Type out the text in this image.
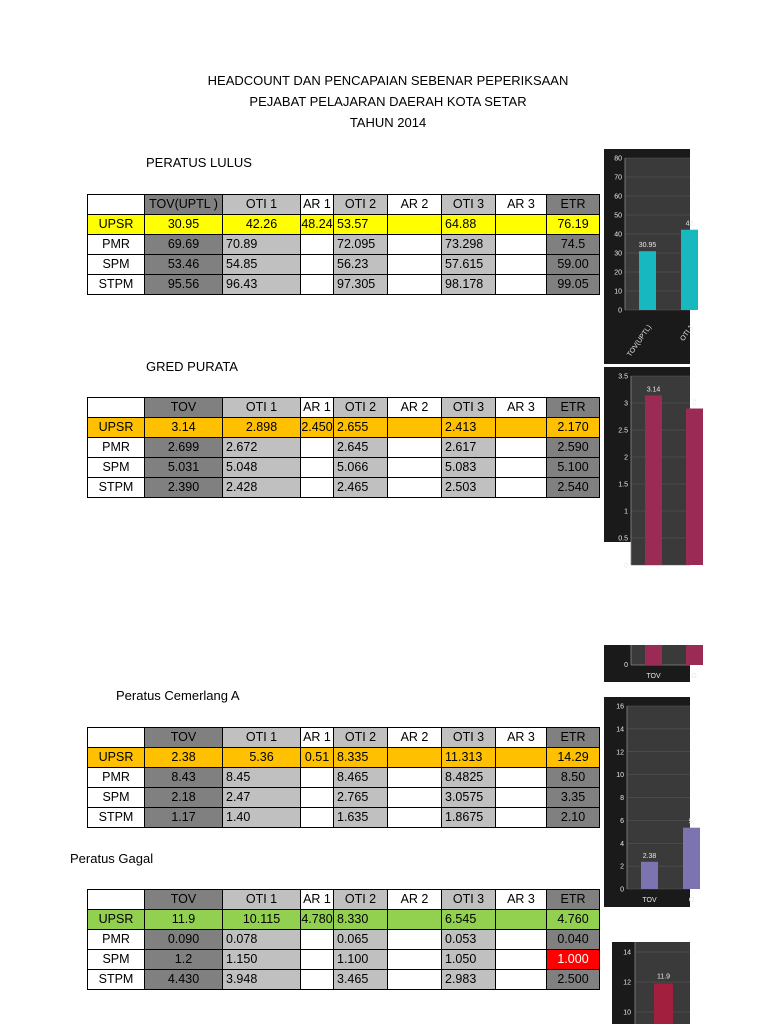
HEADCOUNT DAN PENCAPAIAN SEBENAR PEPERIKSAAN
PEJABAT PELAJARAN DAERAH KOTA SETAR
TAHUN 2014
PERATUS LULUS
GRED PURATA
Peratus Cemerlang A
Peratus Gagal
	TOV(UPTL )	OTI 1	AR 1	OTI 2	AR 2	OTI 3	AR 3	ETR
UPSR	30.95	42.26	48.24	53.57		64.88		76.19
PMR	69.69	70.89		72.095		73.298		74.5
SPM	53.46	54.85		56.23		57.615		59.00
STPM	95.56	96.43		97.305		98.178		99.05
	TOV	OTI 1	AR 1	OTI 2	AR 2	OTI 3	AR 3	ETR
UPSR	3.14	2.898	2.450	2.655		2.413		2.170
PMR	2.699	2.672		2.645		2.617		2.590
SPM	5.031	5.048		5.066		5.083		5.100
STPM	2.390	2.428		2.465		2.503		2.540
	TOV	OTI 1	AR 1	OTI 2	AR 2	OTI 3	AR 3	ETR
UPSR	2.38	5.36	0.51	8.335		11.313		14.29
PMR	8.43	8.45		8.465		8.4825		8.50
SPM	2.18	2.47		2.765		3.0575		3.35
STPM	1.17	1.40		1.635		1.8675		2.10
	TOV	OTI 1	AR 1	OTI 2	AR 2	OTI 3	AR 3	ETR
UPSR	11.9	10.115	4.780	8.330		6.545		4.760
PMR	0.090	0.078		0.065		0.053		0.040
SPM	1.2	1.150		1.100		1.050		1.000
STPM	4.430	3.948		3.465		2.983		2.500
0
10
20
30
40
50
60
70
80
30.95
TOV(UPTL)
42
OTI 1
0
0.5
1
1.5
2
2.5
3
3.5
3.14
2
0
TOV	O
0
2
4
6
8
10
12
14
16
2.38
TOV
5.
O
10
12
14
11.9
